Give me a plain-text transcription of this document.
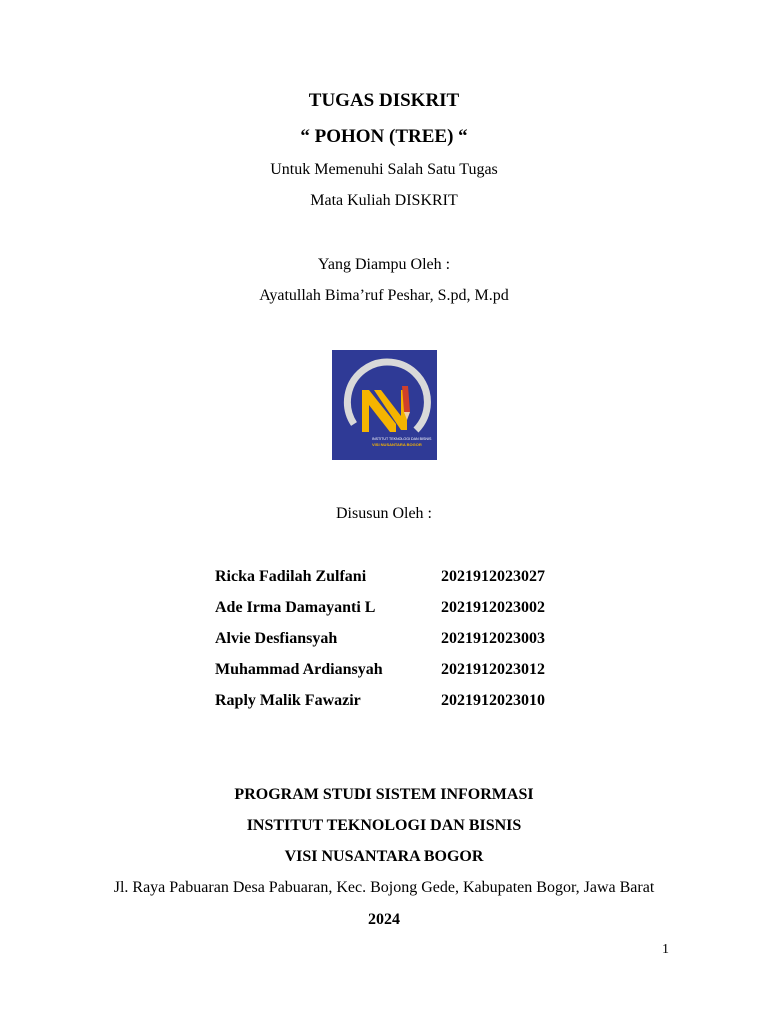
TUGAS DISKRIT
“ POHON (TREE) “
Untuk Memenuhi Salah Satu Tugas
Mata Kuliah DISKRIT
Yang Diampu Oleh :
Ayatullah Bima’ruf Peshar, S.pd, M.pd
INSTITUT TEKNOLOGI DAN BISNIS
VISI NUSANTARA BOGOR
Disusun Oleh :
Ricka Fadilah Zulfani	2021912023027
Ade Irma Damayanti L	2021912023002
Alvie Desfiansyah	2021912023003
Muhammad Ardiansyah	2021912023012
Raply Malik Fawazir	2021912023010
PROGRAM STUDI SISTEM INFORMASI
INSTITUT TEKNOLOGI DAN BISNIS
VISI NUSANTARA BOGOR
Jl. Raya Pabuaran Desa Pabuaran, Kec. Bojong Gede, Kabupaten Bogor, Jawa Barat
2024
1
